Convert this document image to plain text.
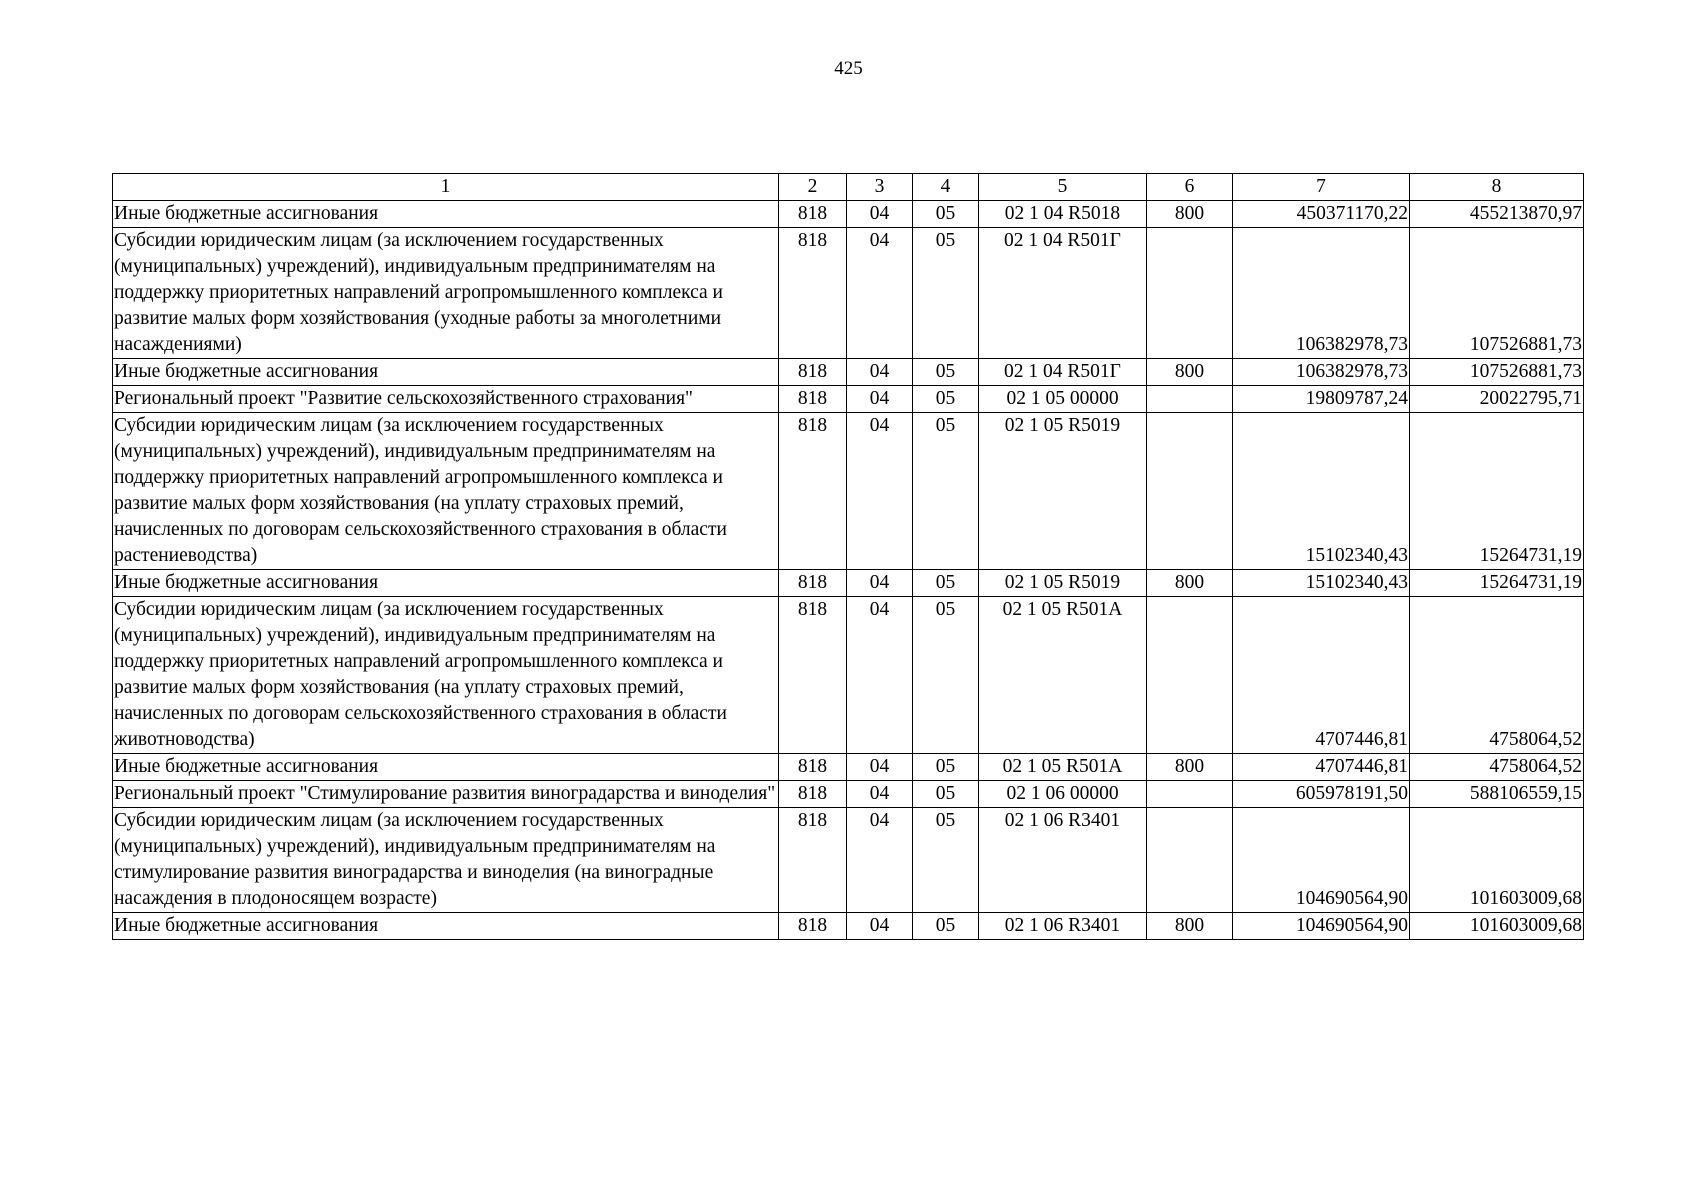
425
1	2	3	4	5	6	7	8
Иные бюджетные ассигнования	818	04	05	02 1 04 R5018	800	450371170,22	455213870,97
Субсидии юридическим лицам (за исключением государственных (муниципальных) учреждений), индивидуальным предпринимателям на поддержку приоритетных направлений агропромышленного комплекса и развитие малых форм хозяйствования (уходные работы за многолетними насаждениями)	818	04	05	02 1 04 R501Г		106382978,73	107526881,73
Иные бюджетные ассигнования	818	04	05	02 1 04 R501Г	800	106382978,73	107526881,73
Региональный проект "Развитие сельскохозяйственного страхования"	818	04	05	02 1 05 00000		19809787,24	20022795,71
Субсидии юридическим лицам (за исключением государственных (муниципальных) учреждений), индивидуальным предпринимателям на поддержку приоритетных направлений агропромышленного комплекса и развитие малых форм хозяйствования (на уплату страховых премий, начисленных по договорам сельскохозяйственного страхования в области растениеводства)	818	04	05	02 1 05 R5019		15102340,43	15264731,19
Иные бюджетные ассигнования	818	04	05	02 1 05 R5019	800	15102340,43	15264731,19
Субсидии юридическим лицам (за исключением государственных (муниципальных) учреждений), индивидуальным предпринимателям на поддержку приоритетных направлений агропромышленного комплекса и развитие малых форм хозяйствования (на уплату страховых премий, начисленных по договорам сельскохозяйственного страхования в области животноводства)	818	04	05	02 1 05 R501А		4707446,81	4758064,52
Иные бюджетные ассигнования	818	04	05	02 1 05 R501А	800	4707446,81	4758064,52
Региональный проект "Стимулирование развития виноградарства и виноделия"	818	04	05	02 1 06 00000		605978191,50	588106559,15
Субсидии юридическим лицам (за исключением государственных (муниципальных) учреждений), индивидуальным предпринимателям на стимулирование развития виноградарства и виноделия (на виноградные насаждения в плодоносящем возрасте)	818	04	05	02 1 06 R3401		104690564,90	101603009,68
Иные бюджетные ассигнования	818	04	05	02 1 06 R3401	800	104690564,90	101603009,68
